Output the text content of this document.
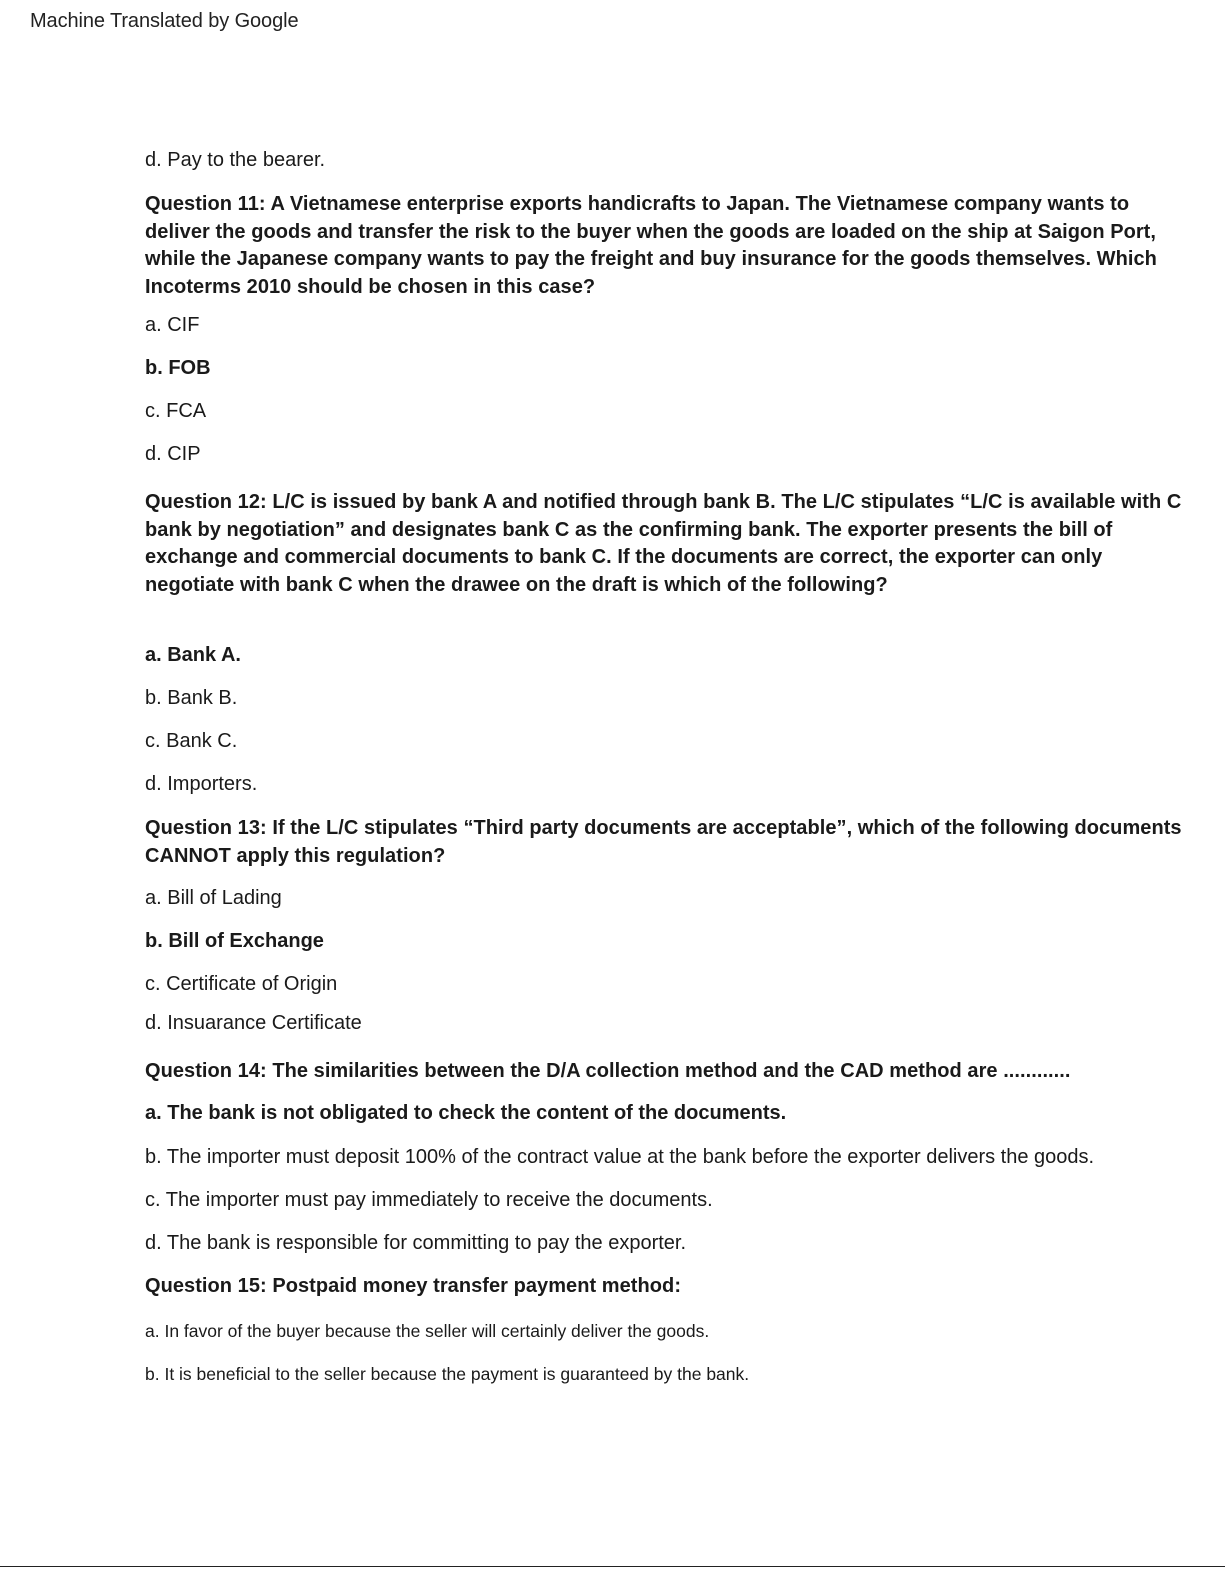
Machine Translated by Google
d. Pay to the bearer.
Question 11: A Vietnamese enterprise exports handicrafts to Japan. The Vietnamese company wants to deliver the goods and transfer the risk to the buyer when the goods are loaded on the ship at Saigon Port, while the Japanese company wants to pay the freight and buy insurance for the goods themselves. Which Incoterms 2010 should be chosen in this case?
a. CIF
b. FOB
c. FCA
d. CIP
Question 12: L/C is issued by bank A and notified through bank B. The L/C stipulates “L/C is available with C bank by negotiation” and designates bank C as the confirming bank. The exporter presents the bill of exchange and commercial documents to bank C. If the documents are correct, the exporter can only negotiate with bank C when the drawee on the draft is which of the following?
a. Bank A.
b. Bank B.
c. Bank C.
d. Importers.
Question 13: If the L/C stipulates “Third party documents are acceptable”, which of the following documents CANNOT apply this regulation?
a. Bill of Lading
b. Bill of Exchange
c. Certificate of Origin
d. Insuarance Certificate
Question 14: The similarities between the D/A collection method and the CAD method are ............
a. The bank is not obligated to check the content of the documents.
b. The importer must deposit 100% of the contract value at the bank before the exporter delivers the goods.
c. The importer must pay immediately to receive the documents.
d. The bank is responsible for committing to pay the exporter.
Question 15: Postpaid money transfer payment method:
a. In favor of the buyer because the seller will certainly deliver the goods.
b. It is beneficial to the seller because the payment is guaranteed by the bank.
